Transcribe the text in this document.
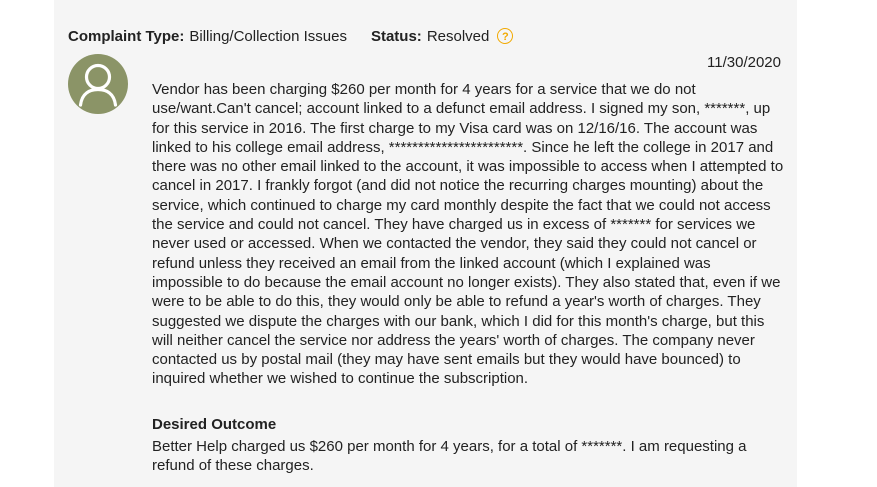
Complaint Type: Billing/Collection Issues Status: Resolved	?
11/30/2020
Vendor has been charging $260 per month for 4 years for a service that we do not use/want.Can't cancel; account linked to a defunct email address. I signed my son, *******, up for this service in 2016. The first charge to my Visa card was on 12/16/16. The account was linked to his college email address, ***********************. Since he left the college in 2017 and there was no other email linked to the account, it was impossible to access when I attempted to cancel in 2017. I frankly forgot (and did not notice the recurring charges mounting) about the service, which continued to charge my card monthly despite the fact that we could not access the service and could not cancel. They have charged us in excess of ******* for services we never used or accessed. When we contacted the vendor, they said they could not cancel or refund unless they received an email from the linked account (which I explained was impossible to do because the email account no longer exists). They also stated that, even if we were to be able to do this, they would only be able to refund a year's worth of charges. They suggested we dispute the charges with our bank, which I did for this month's charge, but this will neither cancel the service nor address the years' worth of charges. The company never contacted us by postal mail (they may have sent emails but they would have bounced) to inquired whether we wished to continue the subscription.
Desired Outcome
Better Help charged us $260 per month for 4 years, for a total of *******. I am requesting a refund of these charges.
